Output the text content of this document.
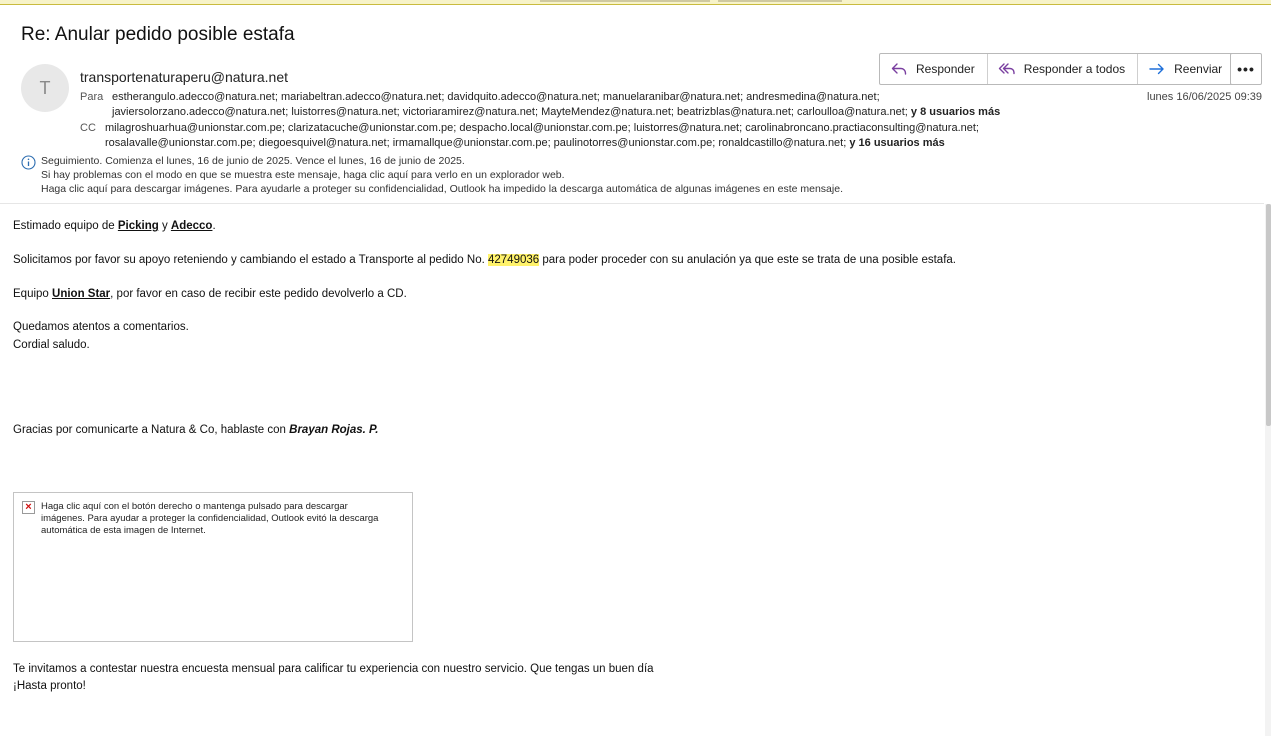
Re: Anular pedido posible estafa
T
transportenaturaperu@natura.net	Responder	Responder a todos	Reenviar	•••
lunes 16/06/2025 09:39
Para estherangulo.adecco@natura.net; mariabeltran.adecco@natura.net; davidquito.adecco@natura.net; manuelaranibar@natura.net; andresmedina@natura.net;
javiersolorzano.adecco@natura.net; luistorres@natura.net; victoriaramirez@natura.net; MayteMendez@natura.net; beatrizblas@natura.net; carloulloa@natura.net; y 8 usuarios más
CC milagroshuarhua@unionstar.com.pe; clarizatacuche@unionstar.com.pe; despacho.local@unionstar.com.pe; luistorres@natura.net; carolinabroncano.practiaconsulting@natura.net;
rosalavalle@unionstar.com.pe; diegoesquivel@natura.net; irmamallque@unionstar.com.pe; paulinotorres@unionstar.com.pe; ronaldcastillo@natura.net; y 16 usuarios más
Seguimiento. Comienza el lunes, 16 de junio de 2025. Vence el lunes, 16 de junio de 2025.
Si hay problemas con el modo en que se muestra este mensaje, haga clic aquí para verlo en un explorador web.
Haga clic aquí para descargar imágenes. Para ayudarle a proteger su confidencialidad, Outlook ha impedido la descarga automática de algunas imágenes en este mensaje.
Estimado equipo de Picking y Adecco.
Solicitamos por favor su apoyo reteniendo y cambiando el estado a Transporte al pedido No. 42749036 para poder proceder con su anulación ya que este se trata de una posible estafa.
Equipo Union Star, por favor en caso de recibir este pedido devolverlo a CD.
Quedamos atentos a comentarios.
Cordial saludo.
Gracias por comunicarte a Natura & Co, hablaste con Brayan Rojas. P.
× Haga clic aquí con el botón derecho o mantenga pulsado para descargar imágenes. Para ayudar a proteger la confidencialidad, Outlook evitó la descarga automática de esta imagen de Internet.
Te invitamos a contestar nuestra encuesta mensual para calificar tu experiencia con nuestro servicio. Que tengas un buen día
¡Hasta pronto!
